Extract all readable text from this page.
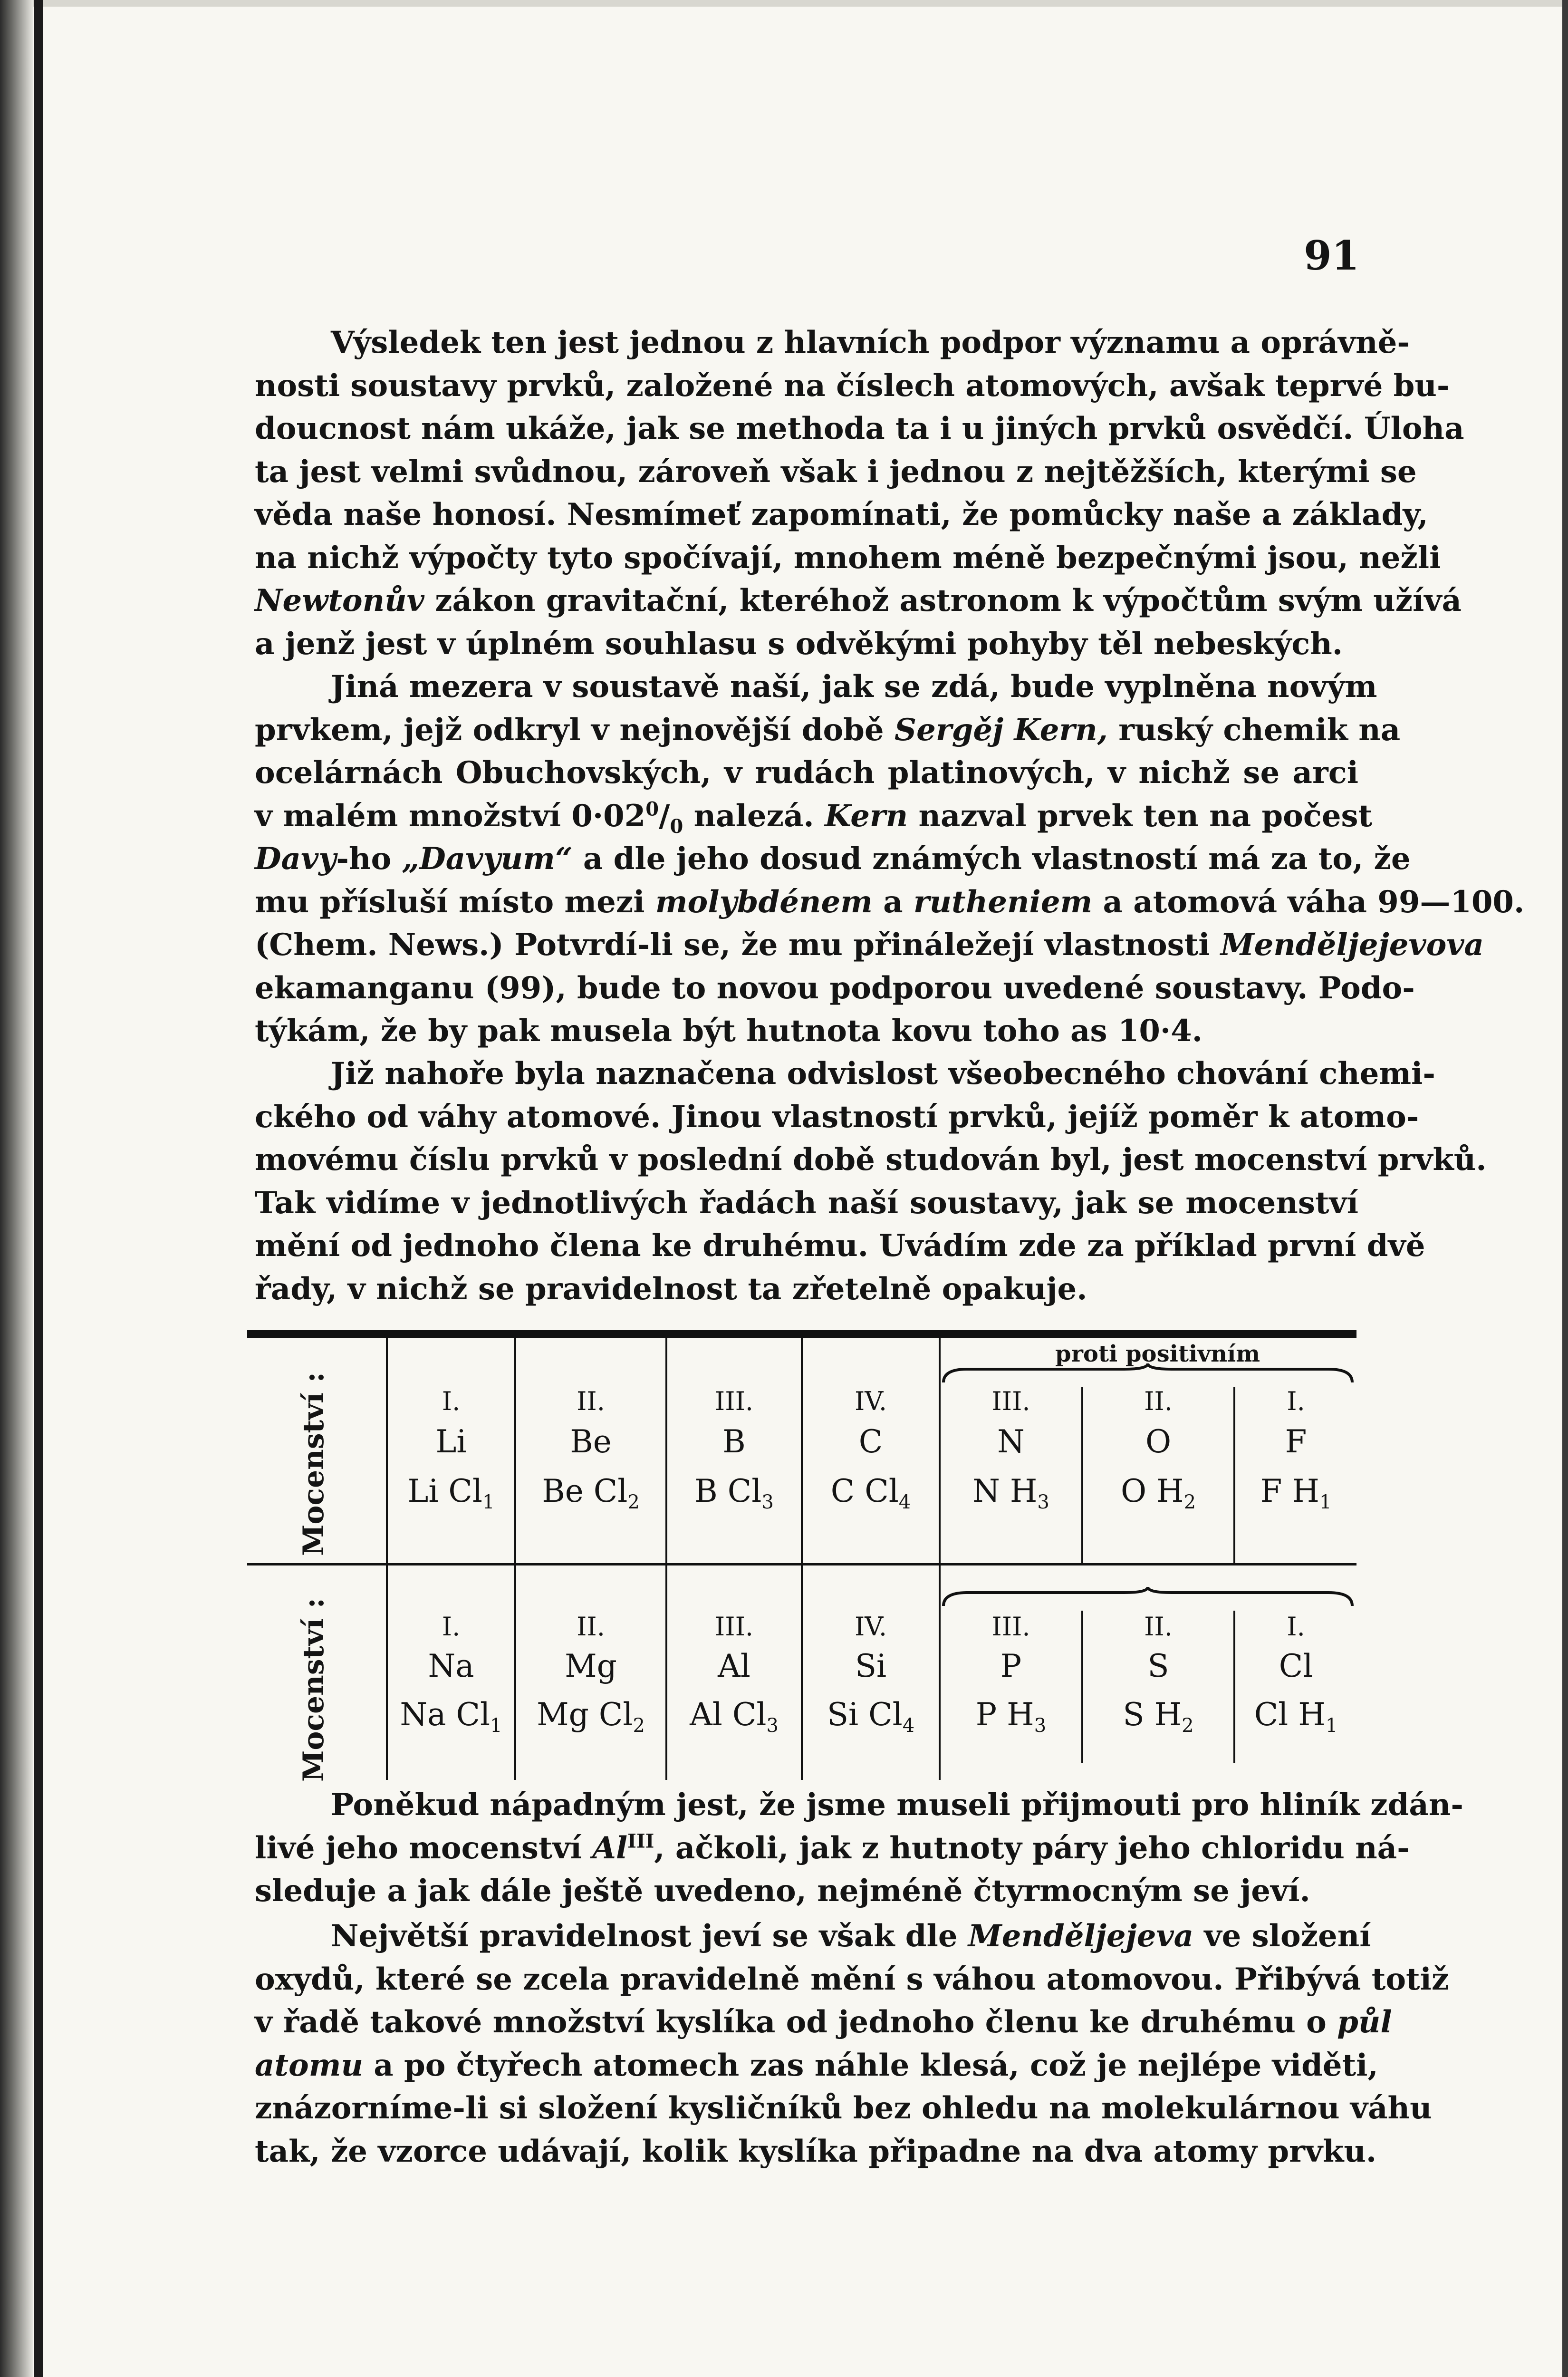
91
Výsledek ten jest jednou z hlavních podpor významu a oprávně-
nosti soustavy prvků, založené na číslech atomových, avšak teprvé bu-
doucnost nám ukáže, jak se methoda ta i u jiných prvků osvědčí. Úloha
ta jest velmi svůdnou, zároveň však i jednou z nejtěžších, kterými se
věda naše honosí. Nesmímeť zapomínati, že pomůcky naše a základy,
na nichž výpočty tyto spočívají, mnohem méně bezpečnými jsou, nežli
Newtonův zákon gravitační, kteréhož astronom k výpočtům svým užívá
a jenž jest v úplném souhlasu s odvěkými pohyby těl nebeských.
Jiná mezera v soustavě naší, jak se zdá, bude vyplněna novým
prvkem, jejž odkryl v nejnovější době Sergěj Kern, ruský chemik na
ocelárnách Obuchovských, v rudách platinových, v nichž se arci
v malém množství $0\cdot 02^0/_0$ nalezá. Kern nazval prvek ten na počest
Davy-ho „Davyum“ a dle jeho dosud známých vlastností má za to, že
mu přísluší místo mezi molybdénem a rutheniem a atomová váha 99—100.
(Chem. News.) Potvrdí-li se, že mu přináležejí vlastnosti Menděljejevova
ekamanganu (99), bude to novou podporou uvedené soustavy. Podo-
týkám, že by pak musela být hutnota kovu toho as 10·4.
Již nahoře byla naznačena odvislost všeobecného chování chemi-
ckého od váhy atomové. Jinou vlastností prvků, jejíž poměr k atomo-
movému číslu prvků v poslední době studován byl, jest mocenství prvků.
Tak vidíme v jednotlivých řadách naší soustavy, jak se mocenství
mění od jednoho člena ke druhému. Uvádím zde za příklad první dvě
řady, v nichž se pravidelnost ta zřetelně opakuje.
proti positivním
Mocenství :
Mocenství :
I.	II.	III.	IV.	III.	II.	I.
Li	Be	B	C	N	O	F
Li $Cl_1$	Be $Cl_2$	B $Cl_3$	C $Cl_4$	N $H_3$	O $H_2$	F $H_1$
I.	II.	III.	IV.	III.	II.	I.
Na	Mg	Al	Si	P	S	Cl
Na $Cl_1$	Mg $Cl_2$	Al $Cl_3$	Si $Cl_4$	P $H_3$	S $H_2$	Cl $H_1$
Poněkud nápadným jest, že jsme museli přijmouti pro hliník zdán-
livé jeho mocenství $Al^{III}$, ačkoli, jak z hutnoty páry jeho chloridu ná-
sleduje a jak dále ještě uvedeno, nejméně čtyrmocným se jeví.
Největší pravidelnost jeví se však dle Menděljejeva ve složení
oxydů, které se zcela pravidelně mění s váhou atomovou. Přibývá totiž
v řadě takové množství kyslíka od jednoho členu ke druhému o půl
atomu a po čtyřech atomech zas náhle klesá, což je nejlépe viděti,
znázorníme-li si složení kysličníků bez ohledu na molekulárnou váhu
tak, že vzorce udávají, kolik kyslíka připadne na dva atomy prvku.
